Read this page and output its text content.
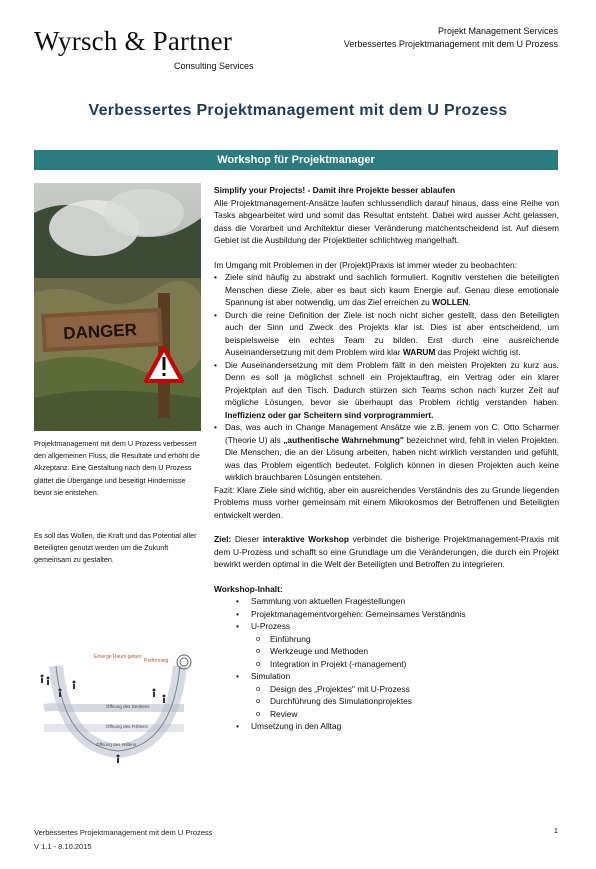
Wyrsch & Partner
Consulting Services
Projekt Management Services
Verbessertes Projektmanagement mit dem U Prozess
Verbessertes Projektmanagement mit dem U Prozess
Workshop für Projektmanager
DANGER
Projektmanagement mit dem U Prozess verbessert den allgemeinen Fluss, die Resultate und erhöht die Akzeptanz. Eine Gestaltung nach dem U Prozess glättet die Übergänge und beseitigt Hindernisse bevor sie entstehen.
Es soll das Wollen, die Kraft und das Potential aller Beteiligten genutzt werden um die Zukunft gemeinsam zu gestalten.
Emerge Raum geben
Performing
Öffnung des Denkens
Öffnung des Fühlens
Öffnung des Willens

Simplify your Projects! - Damit ihre Projekte besser ablaufen

Alle Projektmanagement-Ansätze laufen schlussendlich darauf hinaus, dass eine Reihe von Tasks abgearbeitet wird und somit das Resultat entsteht. Dabei wird ausser Acht gelassen, dass die Vorarbeit und Architektur dieser Veränderung matchentscheidend ist. Auf diesem Gebiet ist die Ausbildung der Projektleiter schlichtweg mangelhaft.

Im Umgang mit Problemen in der (Projekt)Praxis ist immer wieder zu beobachten:

• Ziele sind häufig zu abstrakt und sachlich formuliert. Kognitiv verstehen die beteiligten Menschen diese Ziele, aber es baut sich kaum Energie auf. Genau diese emotionale Spannung ist aber notwendig, um das Ziel erreichen zu WOLLEN.
• Durch die reine Definition der Ziele ist noch nicht sicher gestellt, dass den Beteiligten auch der Sinn und Zweck des Projekts klar ist. Dies ist aber entscheidend, um beispielsweise ein echtes Team zu bilden. Erst durch eine ausreichende Auseinandersetzung mit dem Problem wird klar WARUM das Projekt wichtig ist.
• Die Auseinandersetzung mit dem Problem fällt in den meisten Projekten zu kurz aus. Denn es soll ja möglichst schnell ein Projektauftrag, ein Vertrag oder ein klarer Projektplan auf den Tisch. Dadurch stürzen sich Teams schon nach kurzer Zeit auf mögliche Lösungen, bevor sie überhaupt das Problem richtig verstanden haben. Ineffizienz oder gar Scheitern sind vorprogrammiert.
• Das, was auch in Change Management Ansätze wie z.B. jenem von C. Otto Scharmer (Theorie U) als „authentische Wahrnehmung" bezeichnet wird, fehlt in vielen Projekten. Die Menschen, die an der Lösung arbeiten, haben nicht wirklich verstanden und gefühlt, was das Problem eigentlich bedeutet. Folglich können in diesen Projekten auch keine wirklich brauchbaren Lösungen entstehen.

Fazit: Klare Ziele sind wichtig, aber ein ausreichendes Verständnis des zu Grunde liegenden Problems muss vorher gemeinsam mit einem Mikrokosmos der Betroffenen und Beteiligten entwickelt werden.

Ziel: Dieser interaktive Workshop verbindet die bisherige Projektmanagement-Praxis mit dem U-Prozess und schafft so eine Grundlage um die Veränderungen, die durch ein Projekt bewirkt werden optimal in die Welt der Beteiligten und Betroffen zu integrieren.

Workshop-Inhalt:

• Sammlung von aktuellen Fragestellungen
• Projektmanagementvorgehen: Gemeinsames Verständnis
• U-Prozess
o Einführung
o Werkzeuge und Methoden
o Integration in Projekt (-management)
• Simulation
o Design des „Projektes" mit U-Prozess
o Durchführung des Simulationprojektes
o Review
• Umsetzung in den Alltag
Verbessertes Projektmanagement mit dem U Prozess
V 1.1 - 8.10.2015
1
